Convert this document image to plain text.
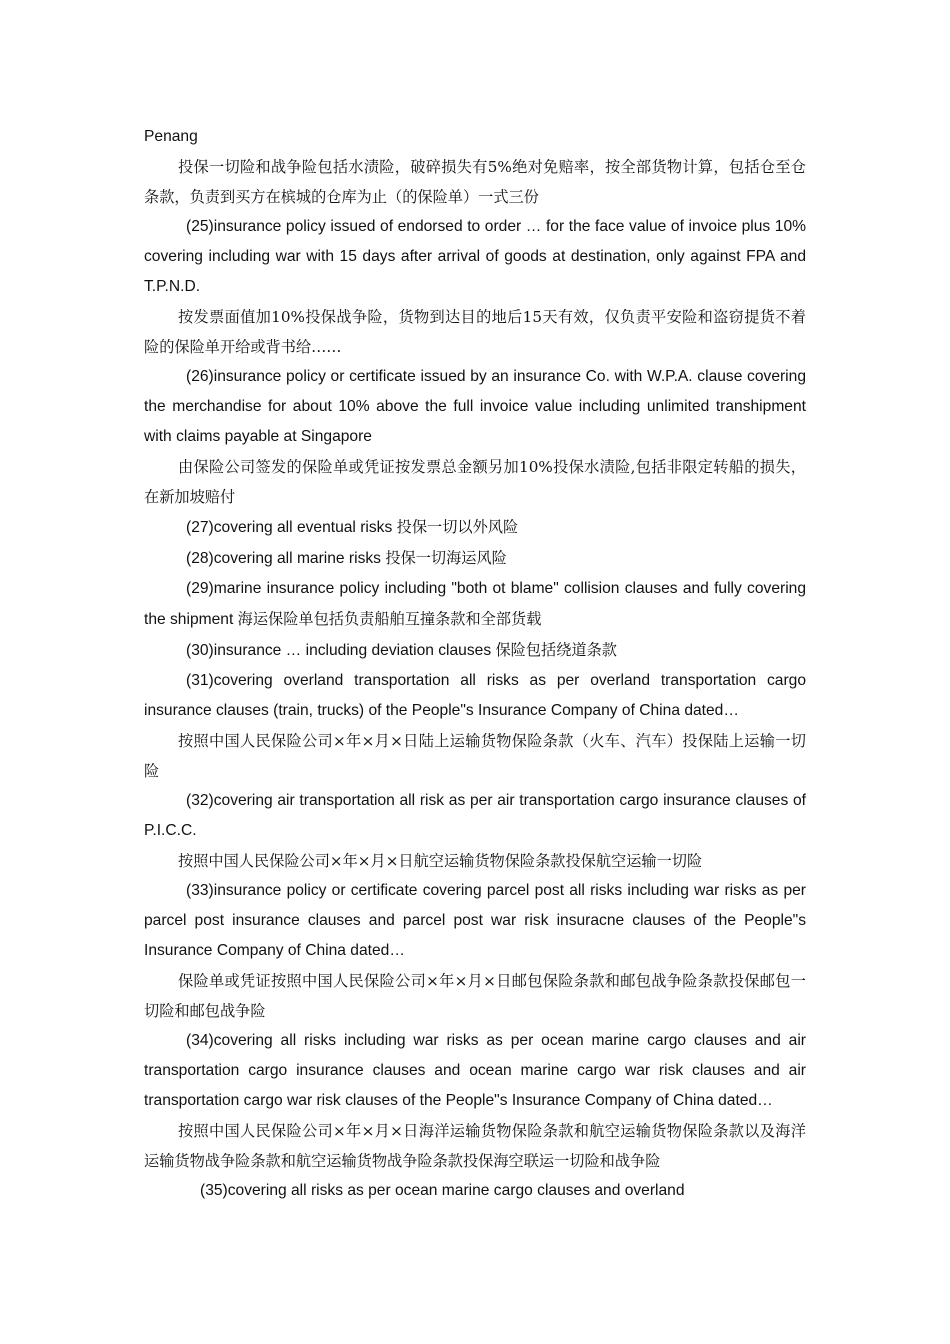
Penang

投保一切险和战争险包括水渍险，破碎损失有5%绝对免赔率，按全部货物计算，包括仓至仓条款，负责到买方在槟城的仓库为止（的保险单）一式三份

(25)insurance policy issued of endorsed to order … for the face value of invoice plus 10% covering including war with 15 days after arrival of goods at destination, only against FPA and T.P.N.D.

按发票面值加10%投保战争险，货物到达目的地后15天有效，仅负责平安险和盗窃提货不着险的保险单开给或背书给……

(26)insurance policy or certificate issued by an insurance Co. with W.P.A. clause covering the merchandise for about 10% above the full invoice value including unlimited transhipment with claims payable at Singapore

由保险公司签发的保险单或凭证按发票总金额另加10%投保水渍险,包括非限定转船的损失，在新加坡赔付

(27)covering all eventual risks 投保一切以外风险

(28)covering all marine risks 投保一切海运风险

(29)marine insurance policy including "both ot blame" collision clauses and fully covering the shipment 海运保险单包括负责船舶互撞条款和全部货载

(30)insurance … including deviation clauses 保险包括绕道条款

(31)covering overland transportation all risks as per overland transportation cargo insurance clauses (train, trucks) of the People"s Insurance Company of China dated…

按照中国人民保险公司×年×月×日陆上运输货物保险条款（火车、汽车）投保陆上运输一切险

(32)covering air transportation all risk as per air transportation cargo insurance clauses of P.I.C.C.

按照中国人民保险公司×年×月×日航空运输货物保险条款投保航空运输一切险

(33)insurance policy or certificate covering parcel post all risks including war risks as per parcel post insurance clauses and parcel post war risk insuracne clauses of the People"s Insurance Company of China dated…

保险单或凭证按照中国人民保险公司×年×月×日邮包保险条款和邮包战争险条款投保邮包一切险和邮包战争险

(34)covering all risks including war risks as per ocean marine cargo clauses and air transportation cargo insurance clauses and ocean marine cargo war risk clauses and air transportation cargo war risk clauses of the People"s Insurance Company of China dated…

按照中国人民保险公司×年×月×日海洋运输货物保险条款和航空运输货物保险条款以及海洋运输货物战争险条款和航空运输货物战争险条款投保海空联运一切险和战争险

(35)covering all risks as per ocean marine cargo clauses and overland
